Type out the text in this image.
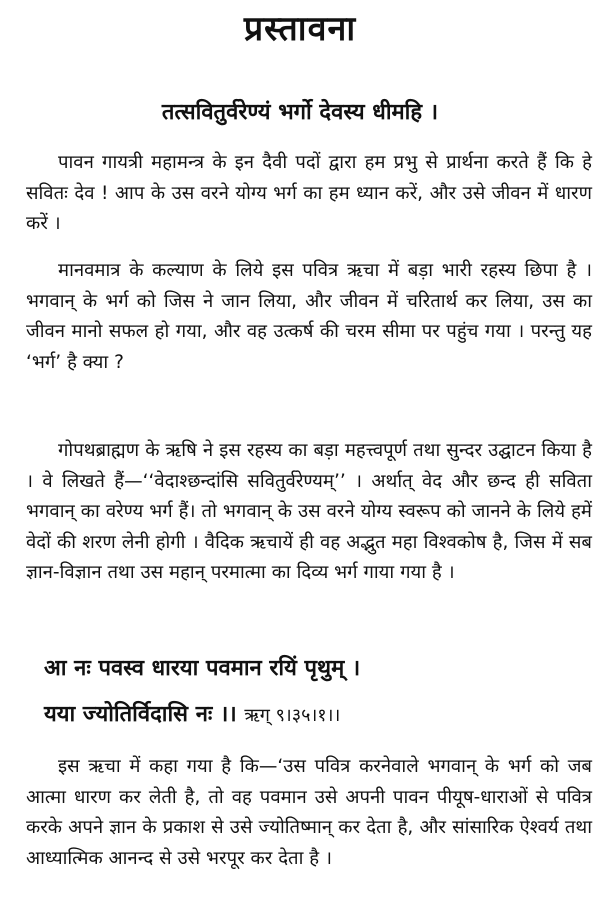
प्रस्तावना
तत्सवितुर्वरेण्यं भर्गो देवस्य धीमहि ।

पावन गायत्री महामन्त्र के इन दैवी पदों द्वारा हम प्रभु से प्रार्थना करते हैं कि हे सवितः देव ! आप के उस वरने योग्य भर्ग का हम ध्यान करें, और उसे जीवन में धारण करें ।

मानवमात्र के कल्याण के लिये इस पवित्र ऋचा में बड़ा भारी रहस्य छिपा है । भगवान् के भर्ग को जिस ने जान लिया, और जीवन में चरितार्थ कर लिया, उस का जीवन मानो सफल हो गया, और वह उत्कर्ष की चरम सीमा पर पहुंच गया । परन्तु यह ‘भर्ग’ है क्या ?

गोपथब्राह्मण के ऋषि ने इस रहस्य का बड़ा महत्त्वपूर्ण तथा सुन्दर उद्घाटन किया है । वे लिखते हैं—‘‘वेदाश्छन्दांसि सवितुर्वरेण्यम्’’ । अर्थात् वेद और छन्द ही सविता भगवान् का वरेण्य भर्ग हैं। तो भगवान् के उस वरने योग्य स्वरूप को जानने के लिये हमें वेदों की शरण लेनी होगी । वैदिक ऋचायें ही वह अद्भुत महा विश्वकोष है, जिस में सब ज्ञान-विज्ञान तथा उस महान् परमात्मा का दिव्य भर्ग गाया गया है ।

आ नः पवस्व धारया पवमान रयिं पृथुम् ।
यया ज्योतिर्विदासि नः ।। ऋग् ९।३५।१।।

इस ऋचा में कहा गया है कि—‘उस पवित्र करनेवाले भगवान् के भर्ग को जब आत्मा धारण कर लेती है, तो वह पवमान उसे अपनी पावन पीयूष-धाराओं से पवित्र करके अपने ज्ञान के प्रकाश से उसे ज्योतिष्मान् कर देता है, और सांसारिक ऐश्वर्य तथा आध्यात्मिक आनन्द से उसे भरपूर कर देता है ।
